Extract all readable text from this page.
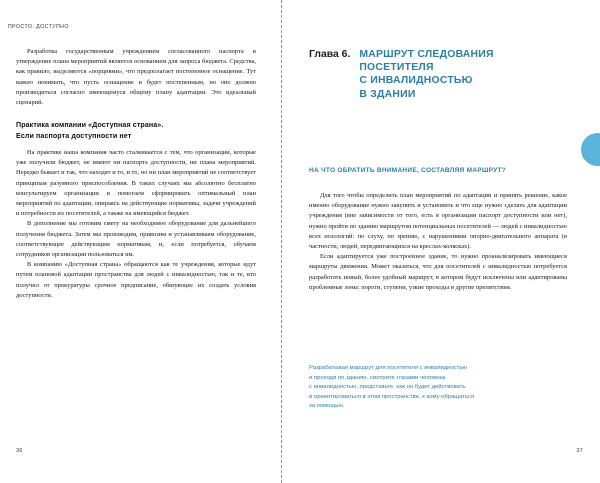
ПРОСТО. ДОСТУПНО

Разработка государственным учреждением согласованного паспорта и утверждение плана мероприятий является основанием для запроса бюджета. Средства, как правило, выделяются «порциями», что предполагает постепенное оснащение. Тут важно понимать, что пусть оснащение и будет постепенным, но оно должно производиться согласно имеющемуся общему плану адаптации. Это идеальный сценарий.

Практика компании «Доступная страна».
Если паспорта доступности нет

На практике наша компания часто сталкивается с тем, что организации, которые уже получили бюджет, не имеют ни паспорта доступности, ни плана мероприятий. Нередко бывает и так, что находят и то, и то, но ни план мероприятий не соответствует принципам разумного приспособления. В таких случаях мы абсолютно бесплатно консультируем организации и помогаем сформировать оптимальный план мероприятий по адаптации, опираясь на действующие нормативы, задачи учреждений и потребности их посетителей, а также на имеющийся бюджет.

В дополнение мы готовим смету на необходимое оборудование для дальнейшего получения бюджета. Затем мы производим, привозим и устанавливаем оборудование, соответствующее действующим нормативам, и, если потребуется, обучаем сотрудников организации пользоваться им.

В компанию «Доступная страна» обращаются как те учреждения, которые идут путем плановой адаптации пространства для людей с инвалидностью, так и те, кто получил от прокуратуры срочное предписание, обязующее их создать условия доступности.

36
Глава 6. МАРШРУТ СЛЕДОВАНИЯ
ПОСЕТИТЕЛЯ
С ИНВАЛИДНОСТЬЮ
В ЗДАНИИ
НА ЧТО ОБРАТИТЬ ВНИМАНИЕ, СОСТАВЛЯЯ МАРШРУТ?

Для того чтобы определить план мероприятий по адаптации и принять решение, какое именно оборудование нужно закупить и установить и что еще нужно сделать для адаптации учреждения (вне зависимости от того, есть в организации паспорт доступности или нет), нужно пройти по зданию маршрутом потенциальных посетителей — людей с инвалидностью всех нозологий: по слуху, по зрению, с нарушениями опорно-двигательного аппарата (в частности, людей, передвигающихся на креслах-колясках).

Если адаптируется уже построенное здание, то нужно проанализировать имеющиеся маршруты движения. Может оказаться, что для посетителей с инвалидностью потребуется разработать новый, более удобный маршрут, в котором будут исключены или адаптированы проблемные зоны: пороги, ступени, узкие проходы и другие препятствия.

Разрабатывая маршрут для посетителя с инвалидностью
и проходя по зданию, смотрите глазами человека
с инвалидностью, представьте, как он будет действовать
и ориентироваться в этом пространстве, к кому обращаться
за помощью.
37
